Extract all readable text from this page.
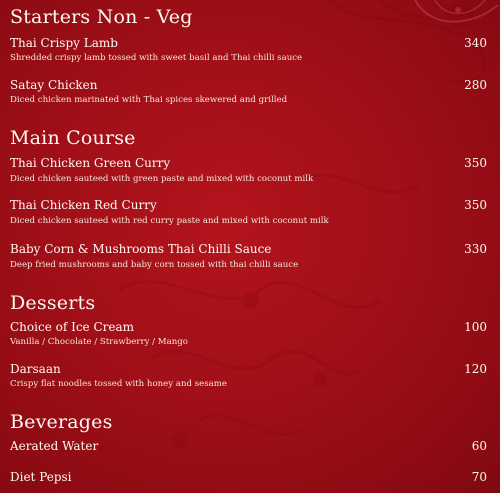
Starters Non - Veg
Thai Crispy Lamb
Shredded crispy lamb tossed with sweet basil and Thai chilli sauce
340
Satay Chicken
Diced chicken marinated with Thai spices skewered and grilled
280
Main Course
Thai Chicken Green Curry
Diced chicken sauteed with green paste and mixed with coconut milk
350
Thai Chicken Red Curry
Diced chicken sauteed with red curry paste and mixed with coconut milk
350
Baby Corn & Mushrooms Thai Chilli Sauce
Deep fried mushrooms and baby corn tossed with thai chilli sauce
330
Desserts
Choice of Ice Cream
Vanilla / Chocolate / Strawberry / Mango
100
Darsaan
Crispy flat noodles tossed with honey and sesame
120
Beverages
Aerated Water	60
Diet Pepsi	70
